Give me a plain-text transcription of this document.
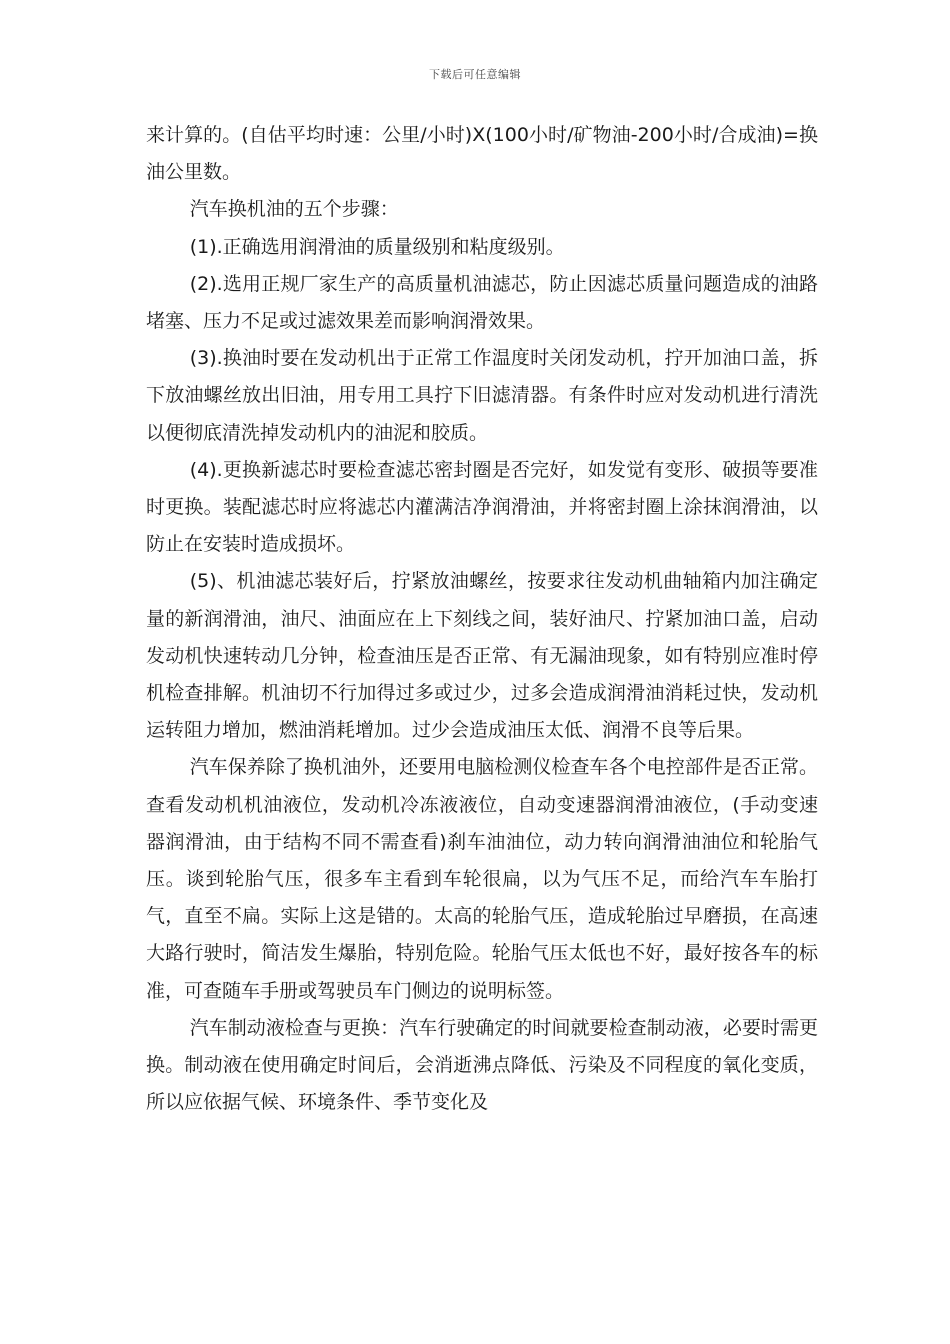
下载后可任意编辑

来计算的。(自估平均时速：公里/小时)X(100小时/矿物油-200小时/合成油)=换油公里数。

汽车换机油的五个步骤：

(1).正确选用润滑油的质量级别和粘度级别。

(2).选用正规厂家生产的高质量机油滤芯，防止因滤芯质量问题造成的油路堵塞、压力不足或过滤效果差而影响润滑效果。

(3).换油时要在发动机出于正常工作温度时关闭发动机，拧开加油口盖，拆下放油螺丝放出旧油，用专用工具拧下旧滤清器。有条件时应对发动机进行清洗以便彻底清洗掉发动机内的油泥和胶质。

(4).更换新滤芯时要检查滤芯密封圈是否完好，如发觉有变形、破损等要准时更换。装配滤芯时应将滤芯内灌满洁净润滑油，并将密封圈上涂抹润滑油，以防止在安装时造成损坏。

(5)、机油滤芯装好后，拧紧放油螺丝，按要求往发动机曲轴箱内加注确定量的新润滑油，油尺、油面应在上下刻线之间，装好油尺、拧紧加油口盖，启动发动机快速转动几分钟，检查油压是否正常、有无漏油现象，如有特别应准时停机检查排解。机油切不行加得过多或过少，过多会造成润滑油消耗过快，发动机运转阻力增加，燃油消耗增加。过少会造成油压太低、润滑不良等后果。

汽车保养除了换机油外，还要用电脑检测仪检查车各个电控部件是否正常。查看发动机机油液位，发动机冷冻液液位，自动变速器润滑油液位，(手动变速器润滑油，由于结构不同不需查看)刹车油油位，动力转向润滑油油位和轮胎气压。谈到轮胎气压，很多车主看到车轮很扁，以为气压不足，而给汽车车胎打气，直至不扁。实际上这是错的。太高的轮胎气压，造成轮胎过早磨损，在高速大路行驶时，简洁发生爆胎，特别危险。轮胎气压太低也不好，最好按各车的标准，可查随车手册或驾驶员车门侧边的说明标签。

汽车制动液检查与更换：汽车行驶确定的时间就要检查制动液，必要时需更换。制动液在使用确定时间后，会消逝沸点降低、污染及不同程度的氧化变质，所以应依据气候、环境条件、季节变化及
